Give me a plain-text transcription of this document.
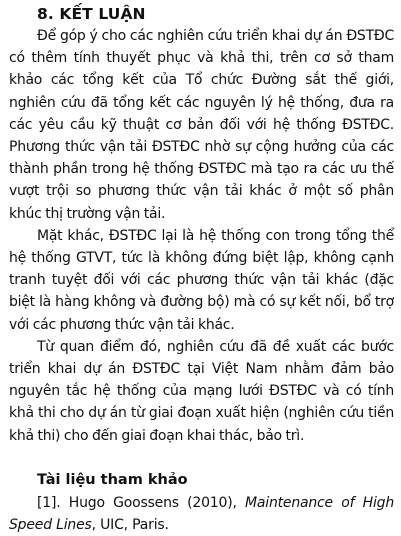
8. KẾT LUẬN

Để góp ý cho các nghiên cứu triển khai dự án ĐSTĐC có thêm tính thuyết phục và khả thi, trên cơ sở tham khảo các tổng kết của Tổ chức Đường sắt thế giới, nghiên cứu đã tổng kết các nguyên lý hệ thống, đưa ra các yêu cầu kỹ thuật cơ bản đối với hệ thống ĐSTĐC. Phương thức vận tải ĐSTĐC nhờ sự cộng hưởng của các thành phần trong hệ thống ĐSTĐC mà tạo ra các ưu thế vượt trội so phương thức vận tải khác ở một số phân khúc thị trường vận tải.

Mặt khác, ĐSTĐC lại là hệ thống con trong tổng thể hệ thống GTVT, tức là không đứng biệt lập, không cạnh tranh tuyệt đối với các phương thức vận tải khác (đặc biệt là hàng không và đường bộ) mà có sự kết nối, bổ trợ với các phương thức vận tải khác.

Từ quan điểm đó, nghiên cứu đã đề xuất các bước triển khai dự án ĐSTĐC tại Việt Nam nhằm đảm bảo nguyên tắc hệ thống của mạng lưới ĐSTĐC và có tính khả thi cho dự án từ giai đoạn xuất hiện (nghiên cứu tiền khả thi) cho đến giai đoạn khai thác, bảo trì.

Tài liệu tham khảo

[1]. Hugo Goossens (2010), Maintenance of High Speed Lines, UIC, Paris.
